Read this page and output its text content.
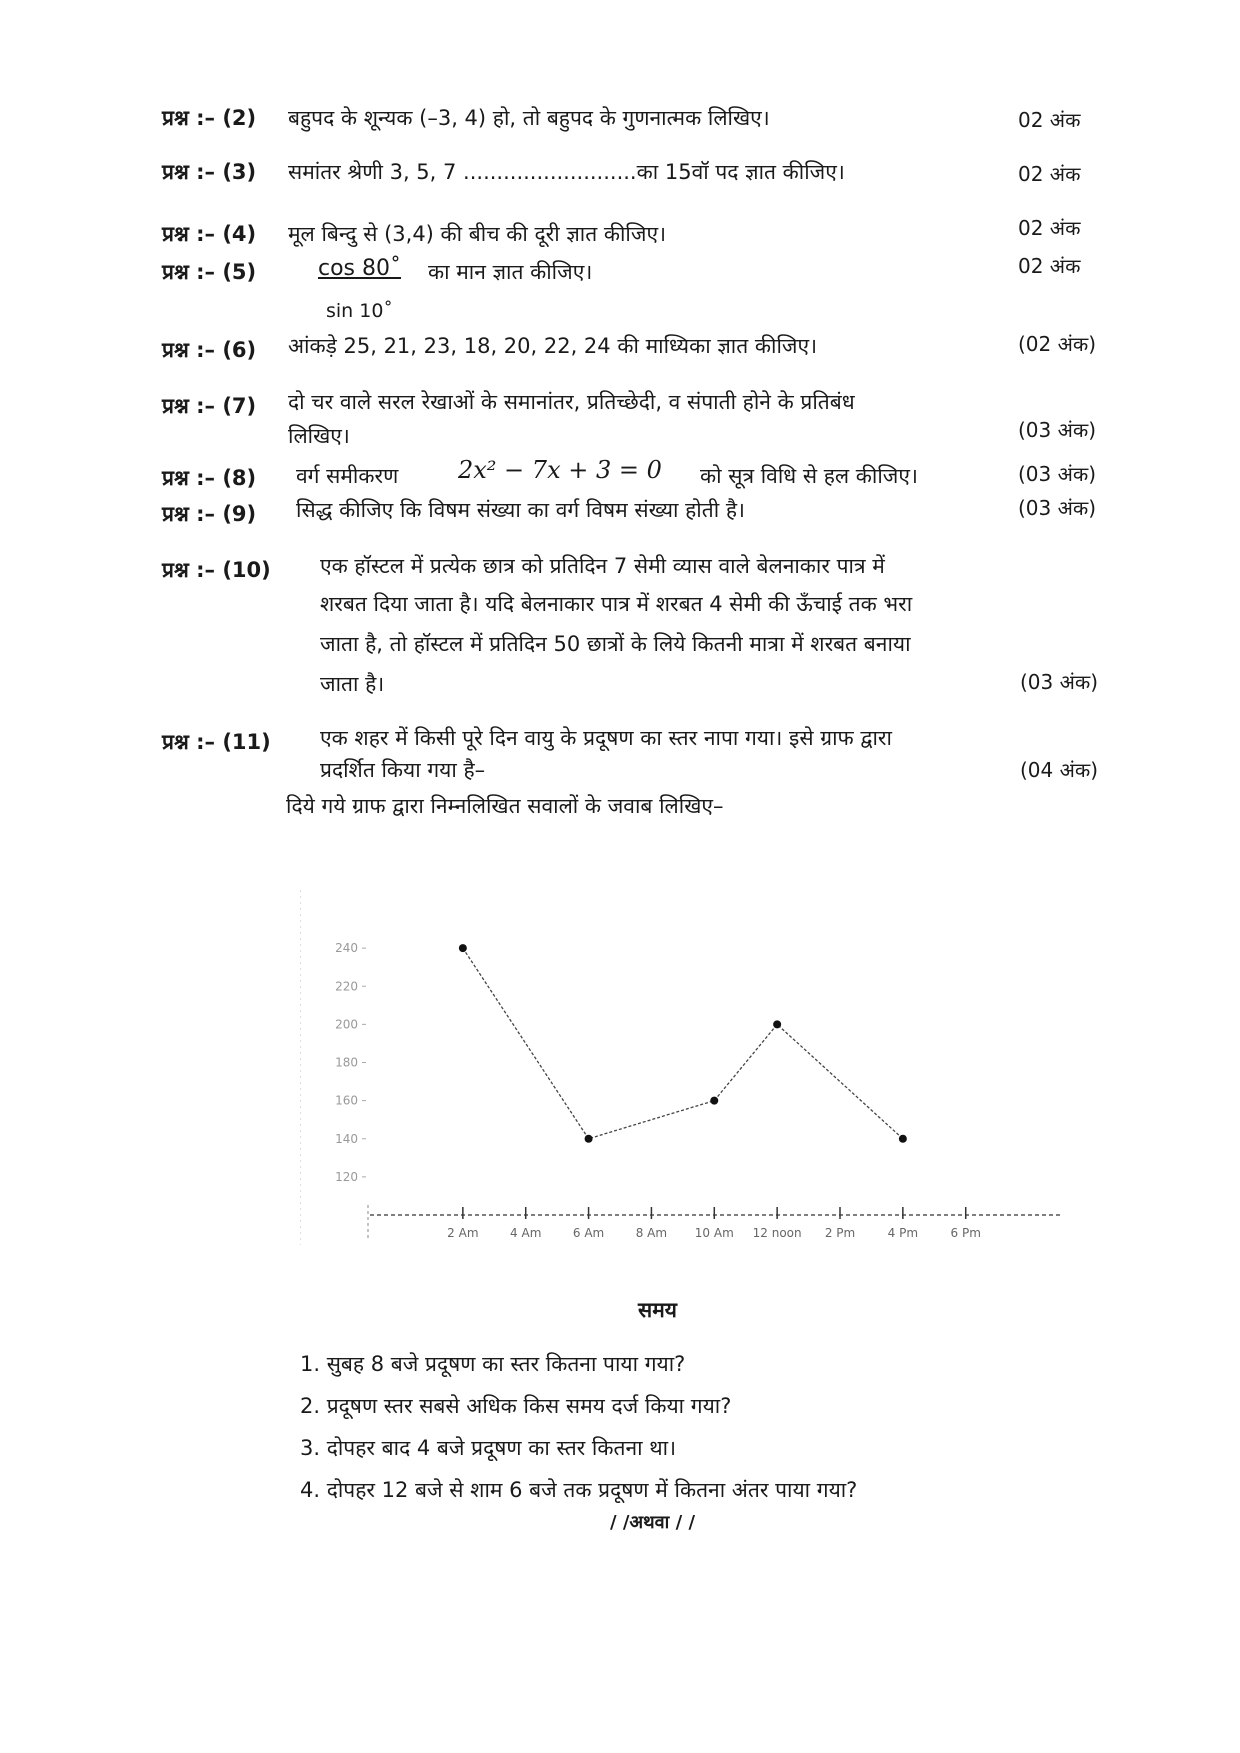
प्रश्न :– (2) बहुपद के शून्यक (–3, 4) हो, तो बहुपद के गुणनात्मक लिखिए।	02 अंक
प्रश्न :– (3) समांतर श्रेणी 3, 5, 7 ..........................का 15वॉ पद ज्ञात कीजिए।	02 अंक
प्रश्न :– (4) मूल बिन्दु से (3,4) की बीच की दूरी ज्ञात कीजिए।	02 अंक
प्रश्न :– (5)	cos 80˚ का मान ज्ञात कीजिए।	02 अंक
sin 10˚
प्रश्न :– (6) आंकड़े 25, 21, 23, 18, 20, 22, 24 की माध्यिका ज्ञात कीजिए।	(02 अंक)
प्रश्न :– (7) दो चर वाले सरल रेखाओं के समानांतर, प्रतिच्छेदी, व संपाती होने के प्रतिबंध
लिखिए।	(03 अंक)
प्रश्न :– (8) वर्ग समीकरण 2x² − 7x + 3 = 0 को सूत्र विधि से हल कीजिए।	(03 अंक)
प्रश्न :– (9) सिद्ध कीजिए कि विषम संख्या का वर्ग विषम संख्या होती है।	(03 अंक)
प्रश्न :– (10) एक हॉस्टल में प्रत्येक छात्र को प्रतिदिन 7 सेमी व्यास वाले बेलनाकार पात्र में
शरबत दिया जाता है। यदि बेलनाकार पात्र में शरबत 4 सेमी की ऊँचाई तक भरा
जाता है, तो हॉस्टल में प्रतिदिन 50 छात्रों के लिये कितनी मात्रा में शरबत बनाया
जाता है।	(03 अंक)
प्रश्न :– (11) एक शहर में किसी पूरे दिन वायु के प्रदूषण का स्तर नापा गया। इसे ग्राफ द्वारा
प्रदर्शित किया गया है–	(04 अंक)
दिये गये ग्राफ द्वारा निम्नलिखित सवालों के जवाब लिखिए–
120
140
160
180
200
220
240
2 Am	4 Am	6 Am	8 Am 10 Am 12 noon 2 Pm	4 Pm	6 Pm
समय
1. सुबह 8 बजे प्रदूषण का स्तर कितना पाया गया?
2. प्रदूषण स्तर सबसे अधिक किस समय दर्ज किया गया?
3. दोपहर बाद 4 बजे प्रदूषण का स्तर कितना था।
4. दोपहर 12 बजे से शाम 6 बजे तक प्रदूषण में कितना अंतर पाया गया?
/ /अथवा / /
